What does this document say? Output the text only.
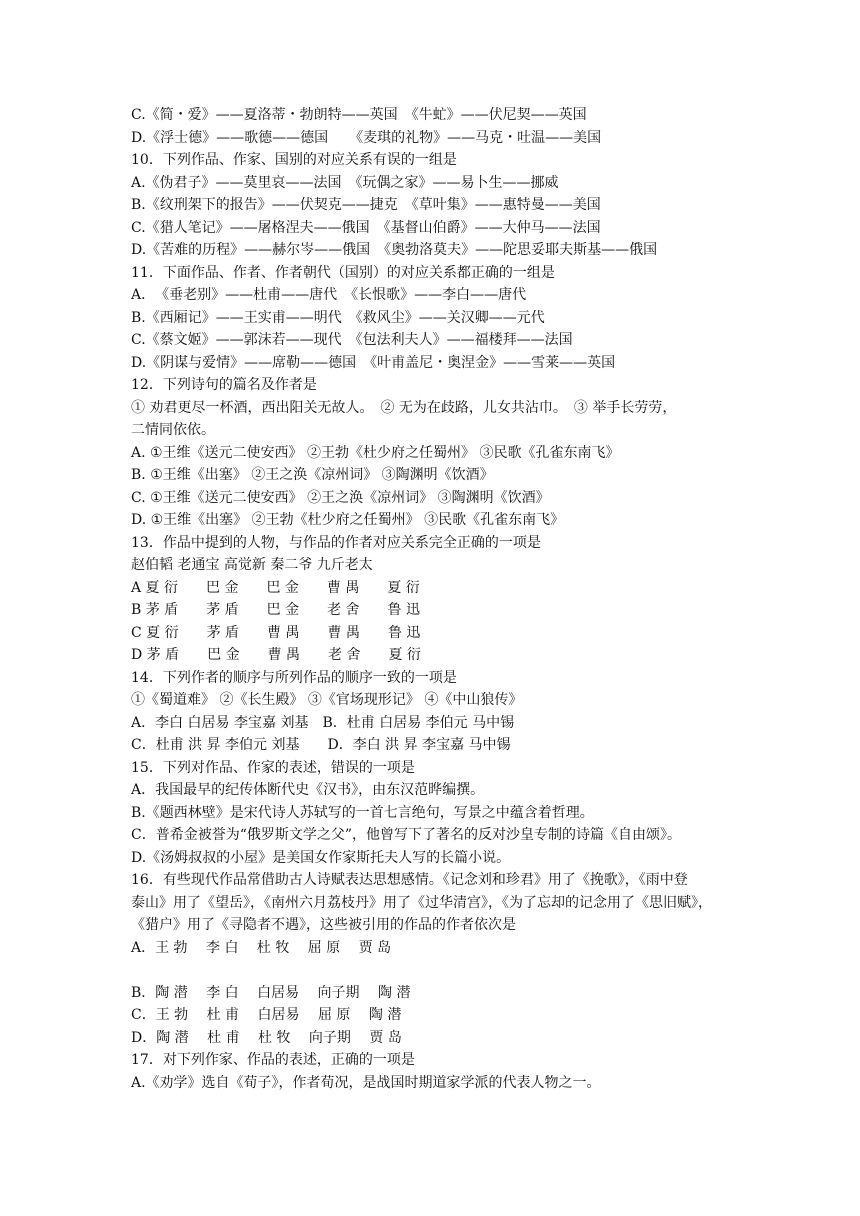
C.《简・爱》——夏洛蒂・勃朗特——英国　《牛虻》——伏尼契——英国
D.《浮士德》——歌德——德国　　《麦琪的礼物》——马克・吐温——美国
10．下列作品、作家、国别的对应关系有误的一组是
A.《伪君子》——莫里哀——法国　《玩偶之家》——易卜生——挪威
B.《纹刑架下的报告》——伏契克——捷克　《草叶集》——惠特曼——美国
C.《猎人笔记》——屠格涅夫——俄国　《基督山伯爵》——大仲马——法国
D.《苦难的历程》——赫尔岑——俄国　《奥勃洛莫夫》——陀思妥耶夫斯基——俄国
11．下面作品、作者、作者朝代（国别）的对应关系都正确的一组是
A．　《垂老别》——杜甫——唐代　《长恨歌》——李白——唐代
B.《西厢记》——王实甫——明代　《救风尘》——关汉卿——元代
C.《蔡文姬》——郭沫若——现代　《包法利夫人》——福楼拜——法国
D.《阴谋与爱情》——席勒——德国　《叶甫盖尼・奥涅金》——雪莱——英国
12．下列诗句的篇名及作者是
① 劝君更尽一杯酒，西出阳关无故人。　② 无为在歧路，儿女共沾巾。　③ 举手长劳劳，
二情同依依。
A. ①王维《送元二使安西》 ②王勃《杜少府之任蜀州》 ③民歌《孔雀东南飞》
B. ①王维《出塞》 ②王之涣《凉州词》 ③陶渊明《饮酒》
C. ①王维《送元二使安西》 ②王之涣《凉州词》 ③陶渊明《饮酒》
D. ①王维《出塞》 ②王勃《杜少府之任蜀州》 ③民歌《孔雀东南飞》
13．作品中提到的人物，与作品的作者对应关系完全正确的一项是
赵伯韬 老通宝 高觉新 秦二爷 九斤老太
A 夏 衍　　巴 金　　巴 金　　曹 禺　　夏 衍
B 茅 盾　　茅 盾　　巴 金　　老 舍　　鲁 迅
C 夏 衍　　茅 盾　　曹 禺　　曹 禺　　鲁 迅
D 茅 盾　　巴 金　　曹 禺　　老 舍　　夏 衍
14．下列作者的顺序与所列作品的顺序一致的一项是
①《蜀道难》 ②《长生殿》 ③《官场现形记》 ④《中山狼传》
A．李白 白居易 李宝嘉 刘基　B．杜甫 白居易 李伯元 马中锡
C．杜甫 洪 昇 李伯元 刘基　　D．李白 洪 昇 李宝嘉 马中锡
15．下列对作品、作家的表述，错误的一项是
A．我国最早的纪传体断代史《汉书》，由东汉范晔编撰。
B.《题西林壁》是宋代诗人苏轼写的一首七言绝句，写景之中蕴含着哲理。
C．普希金被誉为“俄罗斯文学之父”，他曾写下了著名的反对沙皇专制的诗篇《自由颂》。
D.《汤姆叔叔的小屋》是美国女作家斯托夫人写的长篇小说。
16．有些现代作品常借助古人诗赋表达思想感情。《记念刘和珍君》用了《挽歌》，《雨中登
泰山》用了《望岳》，《南州六月荔枝丹》用了《过华清宫》，《为了忘却的记念用了《思旧赋》，
《猎户》用了《寻隐者不遇》，这些被引用的作品的作者依次是
A．王 勃　 李 白　 杜 牧　 屈 原　 贾 岛
B．陶 潜　 李 白　 白居易　 向子期　 陶 潜
C．王 勃　 杜 甫　 白居易　 屈 原　 陶 潜
D．陶 潜　 杜 甫　 杜 牧　 向子期　 贾 岛
17．对下列作家、作品的表述，正确的一项是
A.《劝学》选自《荀子》，作者荀况，是战国时期道家学派的代表人物之一。
